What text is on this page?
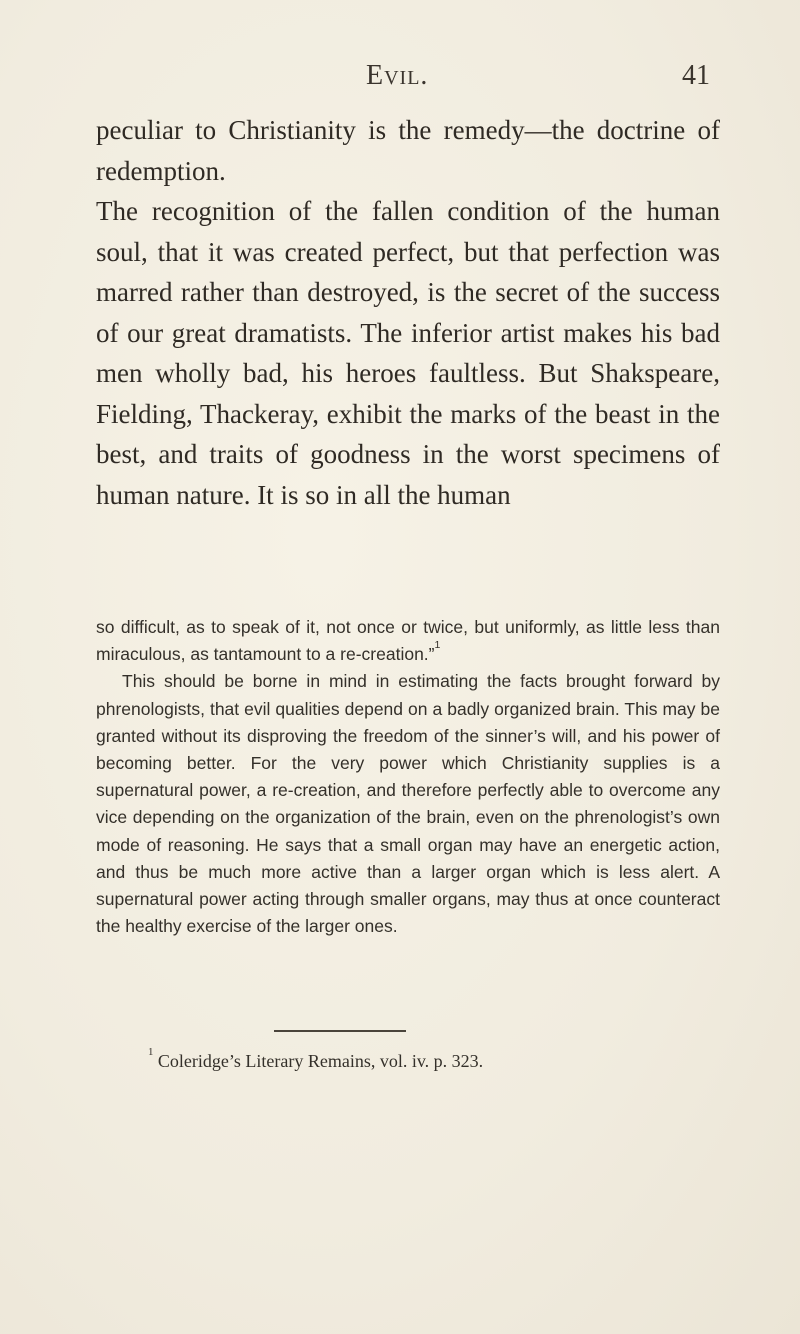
Evil.	41

peculiar to Christianity is the remedy—the doctrine of redemption.

The recognition of the fallen condition of the human soul, that it was created perfect, but that perfection was marred rather than destroyed, is the secret of the success of our great dramatists. The inferior artist makes his bad men wholly bad, his heroes faultless. But Shakspeare, Fielding, Thackeray, exhibit the marks of the beast in the best, and traits of goodness in the worst specimens of human nature. It is so in all the human

so difficult, as to speak of it, not once or twice, but uniformly, as little less than miraculous, as tantamount to a re-creation.”$^1$

This should be borne in mind in estimating the facts brought forward by phrenologists, that evil qualities depend on a badly organized brain. This may be granted without its disproving the freedom of the sinner’s will, and his power of becoming better. For the very power which Christianity supplies is a supernatural power, a re-creation, and therefore perfectly able to overcome any vice depending on the organization of the brain, even on the phrenologist’s own mode of reasoning. He says that a small organ may have an energetic action, and thus be much more active than a larger organ which is less alert. A supernatural power acting through smaller organs, may thus at once counteract the healthy exercise of the larger ones.

$^1$ Coleridge’s Literary Remains, vol. iv. p. 323.
